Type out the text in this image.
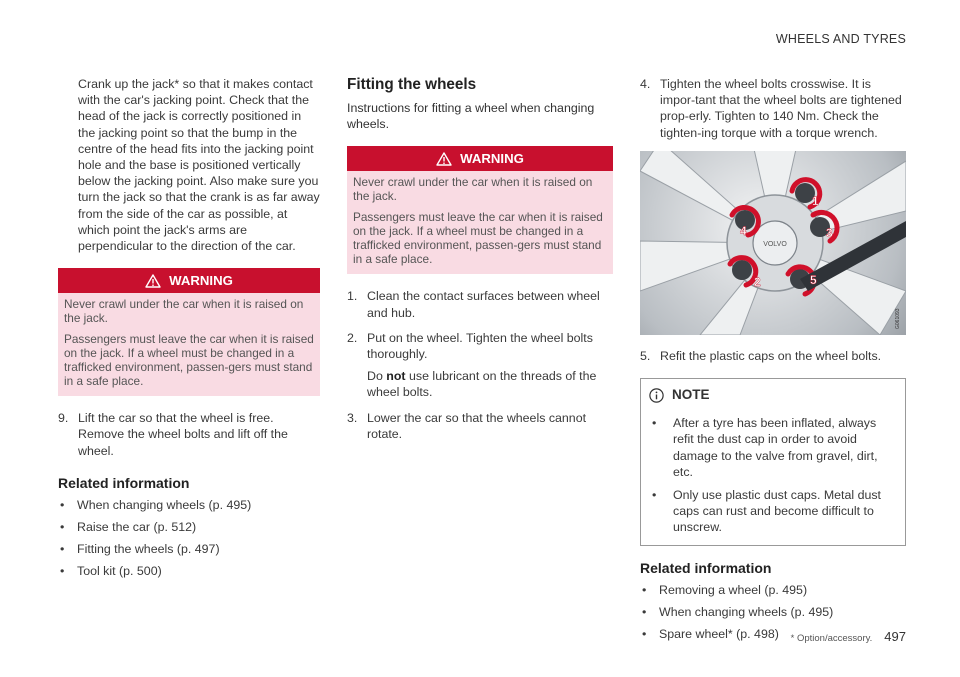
WHEELS AND TYRES

Crank up the jack* so that it makes contact with the car's jacking point. Check that the head of the jack is correctly positioned in the jacking point so that the bump in the centre of the head fits into the jacking point hole and the base is positioned vertically below the jacking point. Also make sure you turn the jack so that the crank is as far away from the side of the car as possible, at which point the jack's arms are perpendicular to the direction of the car.

WARNING

Never crawl under the car when it is raised on the jack.

Passengers must leave the car when it is raised on the jack. If a wheel must be changed in a trafficked environment, passen-gers must stand in a safe place.

9. Lift the car so that the wheel is free. Remove the wheel bolts and lift off the wheel.
Related information
•	When changing wheels (p. 495)
•	Raise the car (p. 512)
•	Fitting the wheels (p. 497)
•	Tool kit (p. 500)
Fitting the wheels

Instructions for fitting a wheel when changing wheels.

WARNING

Never crawl under the car when it is raised on the jack.

Passengers must leave the car when it is raised on the jack. If a wheel must be changed in a trafficked environment, passen-gers must stand in a safe place.

1. Clean the contact surfaces between wheel and hub.
2. Put on the wheel. Tighten the wheel bolts thoroughly.
Do not use lubricant on the threads of the wheel bolts.
3. Lower the car so that the wheels cannot rotate.
4. Tighten the wheel bolts crosswise. It is impor-tant that the wheel bolts are tightened prop-erly. Tighten to 140 Nm. Check the tighten-ing torque with a torque wrench.
VOLVO
1
2
3
4
5
G061093
5. Refit the plastic caps on the wheel bolts.
NOTE
•	After a tyre has been inflated, always refit the dust cap in order to avoid damage to the valve from gravel, dirt, etc.
•	Only use plastic dust caps. Metal dust caps can rust and become difficult to unscrew.
Related information
•	Removing a wheel (p. 495)
•	When changing wheels (p. 495)
•	Spare wheel* (p. 498) * Option/accessory. 497
